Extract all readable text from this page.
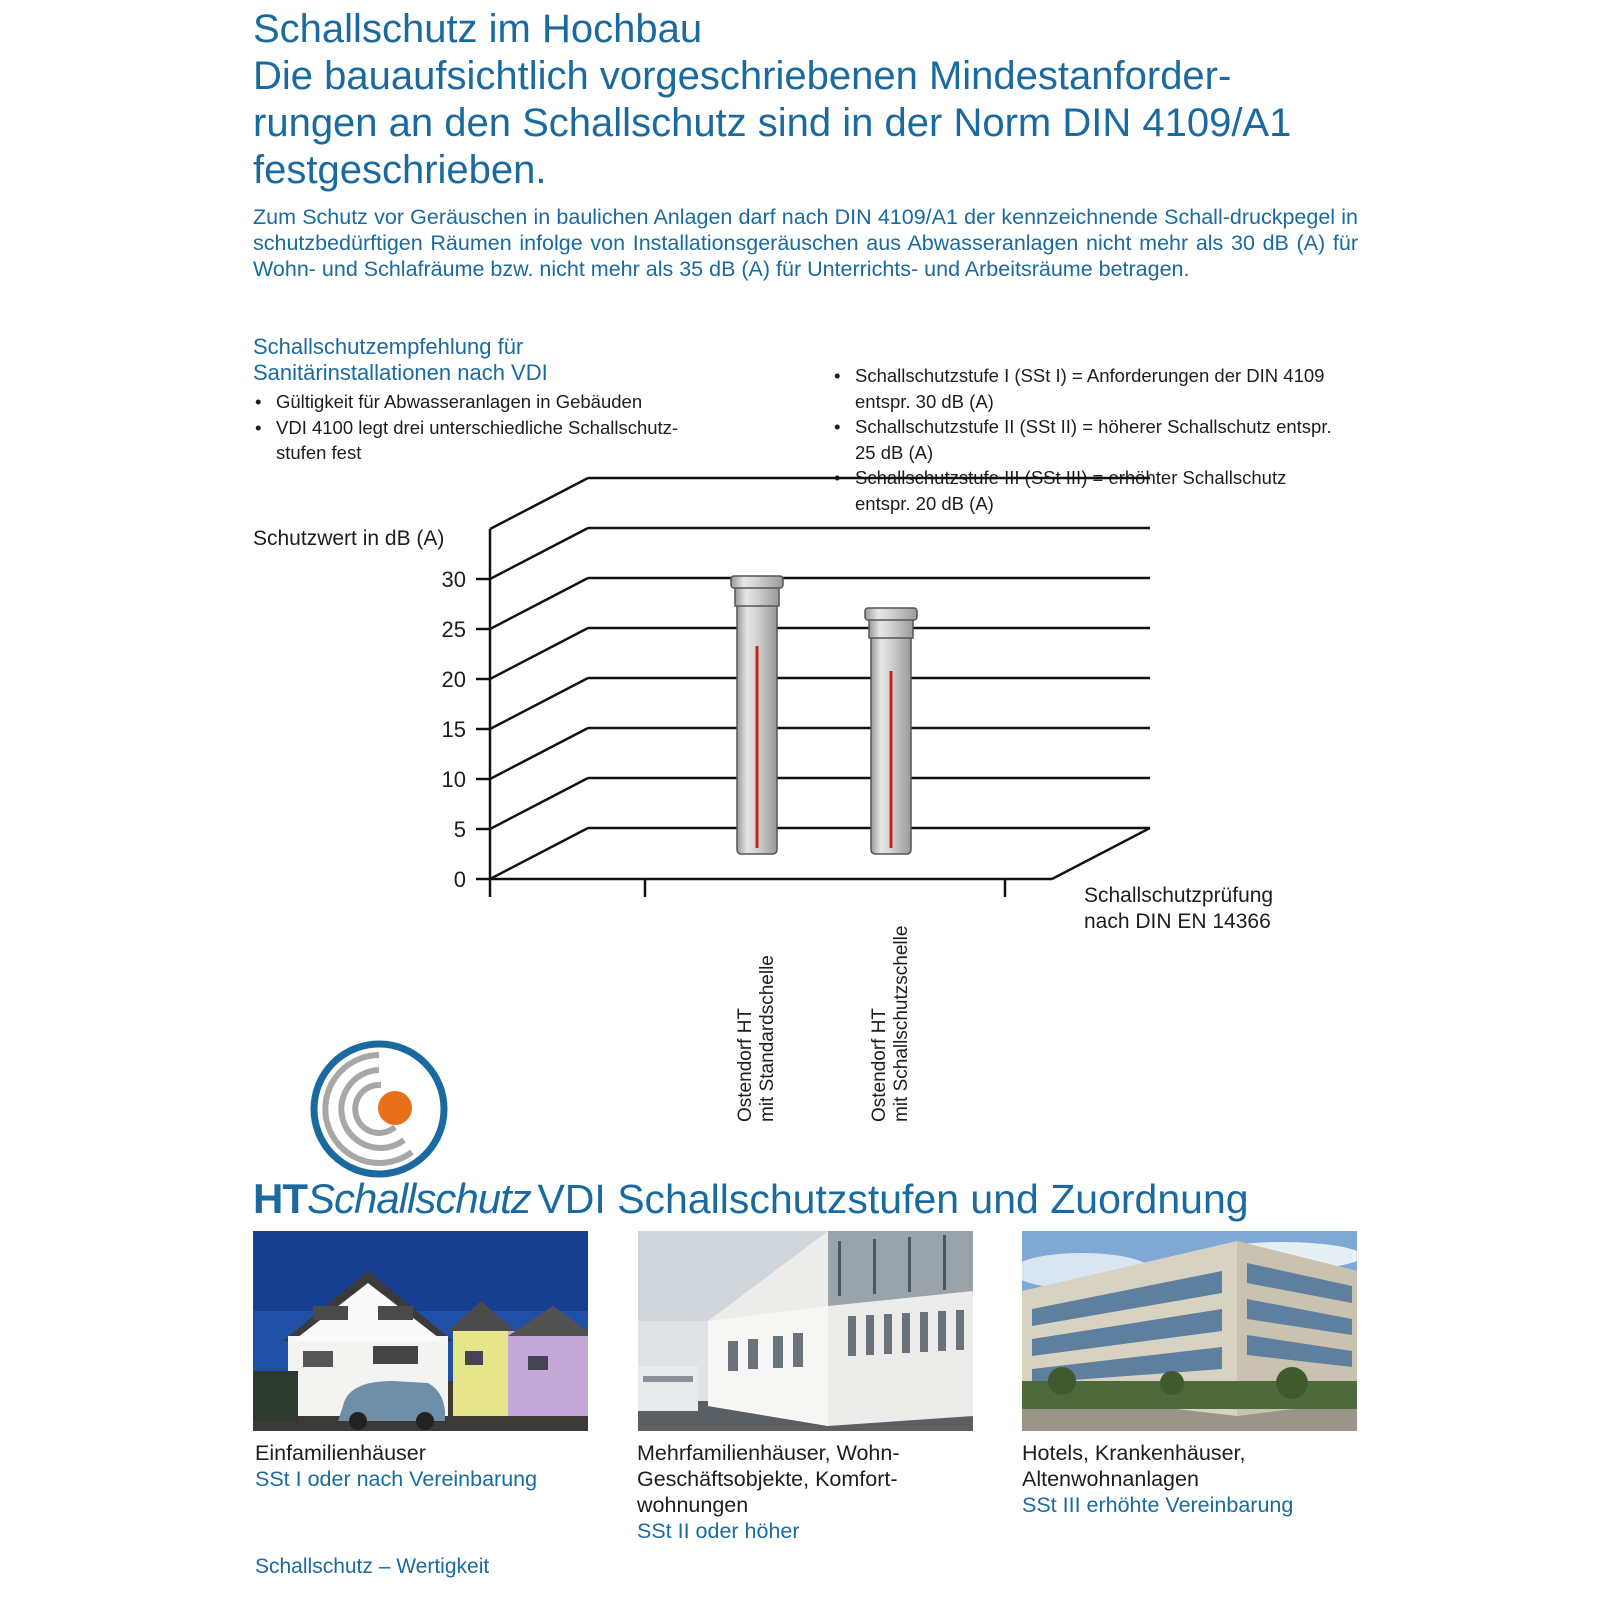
Schallschutz im Hochbau
Die bauaufsichtlich vorgeschriebenen Mindestanforder-
rungen an den Schallschutz sind in der Norm DIN 4109/A1
festgeschrieben.

Zum Schutz vor Geräuschen in baulichen Anlagen darf nach DIN 4109/A1 der kennzeichnende Schall-druckpegel in schutzbedürftigen Räumen infolge von Installationsgeräuschen aus Abwasseranlagen nicht mehr als 30 dB (A) für Wohn- und Schlafräume bzw. nicht mehr als 35 dB (A) für Unterrichts- und Arbeitsräume betragen.

Schallschutzempfehlung für
Sanitärinstallationen nach VDI
• Gültigkeit für Abwasseranlagen in Gebäuden
• VDI 4100 legt drei unterschiedliche Schallschutz-stufen fest
• Schallschutzstufe I (SSt I) = Anforderungen der DIN 4109 entspr. 30 dB (A)
• Schallschutzstufe II (SSt II) = höherer Schallschutz entspr. 25 dB (A)
• Schallschutzstufe III (SSt III) = erhöhter Schallschutz entspr. 20 dB (A)
Schutzwert in dB (A)
0
5
10
15
20
25
30
Ostendorf HT mit Standardschelle	Ostendorf HT mit Schallschutzschelle
Schallschutzprüfung
nach DIN EN 14366
HTSchallschutz VDI Schallschutzstufen und Zuordnung
Einfamilienhäuser
SSt I oder nach Vereinbarung
Mehrfamilienhäuser, Wohn-
Geschäftsobjekte, Komfort-
wohnungen
SSt II oder höher
Hotels, Krankenhäuser,
Altenwohnanlagen
SSt III erhöhte Vereinbarung

Schallschutz – Wertigkeit
